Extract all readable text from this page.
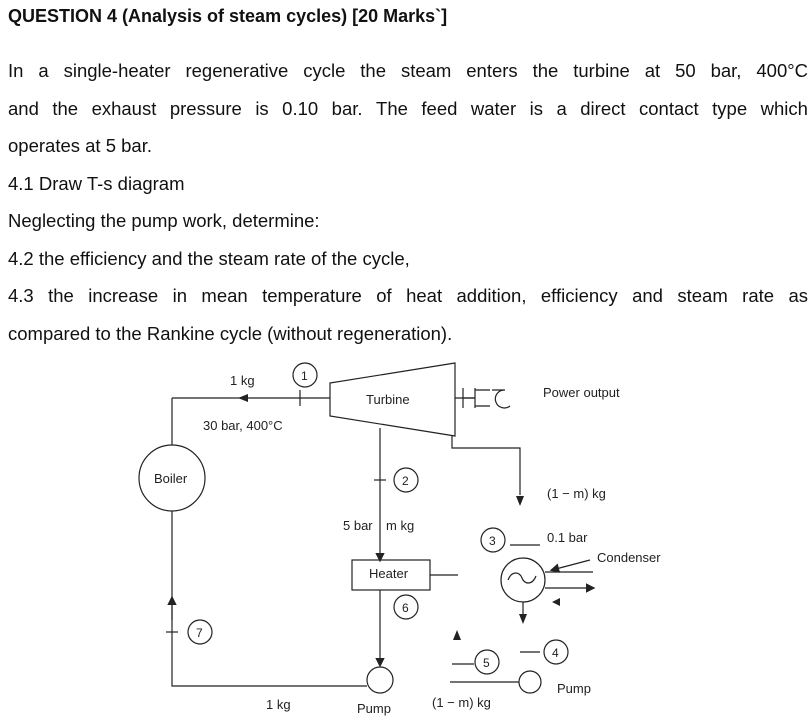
QUESTION 4 (Analysis of steam cycles) [20 Marks`]
In a single-heater regenerative cycle the steam enters the turbine at 50 bar, 400°C
and the exhaust pressure is 0.10 bar. The feed water is a direct contact type which
operates at 5 bar.
4.1 Draw T-s diagram
Neglecting the pump work, determine:
4.2 the efficiency and the steam rate of the cycle,
4.3 the increase in mean temperature of heat addition, efficiency and steam rate as
compared to the Rankine cycle (without regeneration).
1 kg
30 bar, 400°C
Turbine	Power output
Boiler
5 bar m kg
(1 − m) kg
0.1 bar
Condenser
Heater
Pump
Pump
1 kg	(1 − m) kg
1
2
3
4
5
6
7
